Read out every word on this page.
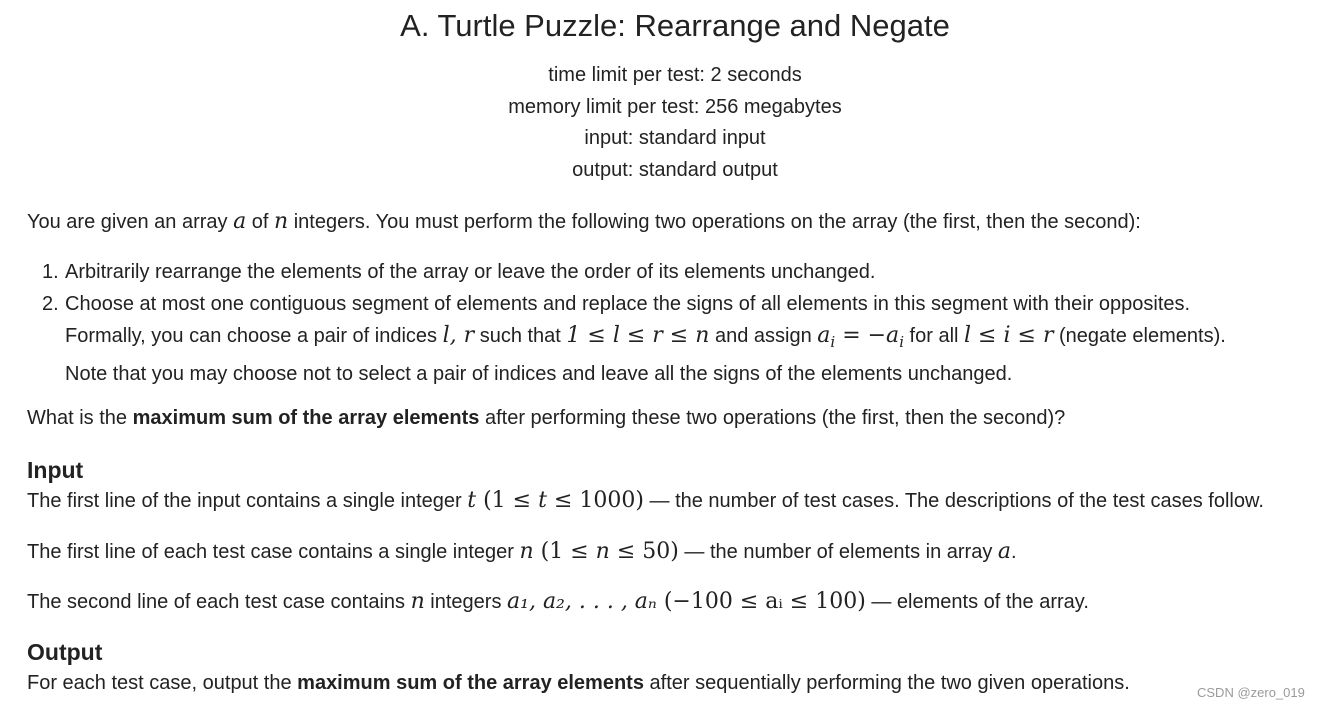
A. Turtle Puzzle: Rearrange and Negate
time limit per test: 2 seconds
memory limit per test: 256 megabytes
input: standard input
output: standard output
You are given an array a of n integers. You must perform the following two operations on the array (the first, then the second):
1. Arbitrarily rearrange the elements of the array or leave the order of its elements unchanged.
2. Choose at most one contiguous segment of elements and replace the signs of all elements in this segment with their opposites.
Formally, you can choose a pair of indices l, r such that 1 ≤ l ≤ r ≤ n and assign $a_i = -a_i$ for all l ≤ i ≤ r (negate elements).
Note that you may choose not to select a pair of indices and leave all the signs of the elements unchanged.
What is the maximum sum of the array elements after performing these two operations (the first, then the second)?
Input
The first line of the input contains a single integer t (1 ≤ t ≤ 1000) — the number of test cases. The descriptions of the test cases follow.
The first line of each test case contains a single integer n (1 ≤ n ≤ 50) — the number of elements in array a.
The second line of each test case contains n integers a₁, a₂, . . . , aₙ (−100 ≤ aᵢ ≤ 100) — elements of the array.
Output
For each test case, output the maximum sum of the array elements after sequentially performing the two given operations.	CSDN @zero_019
